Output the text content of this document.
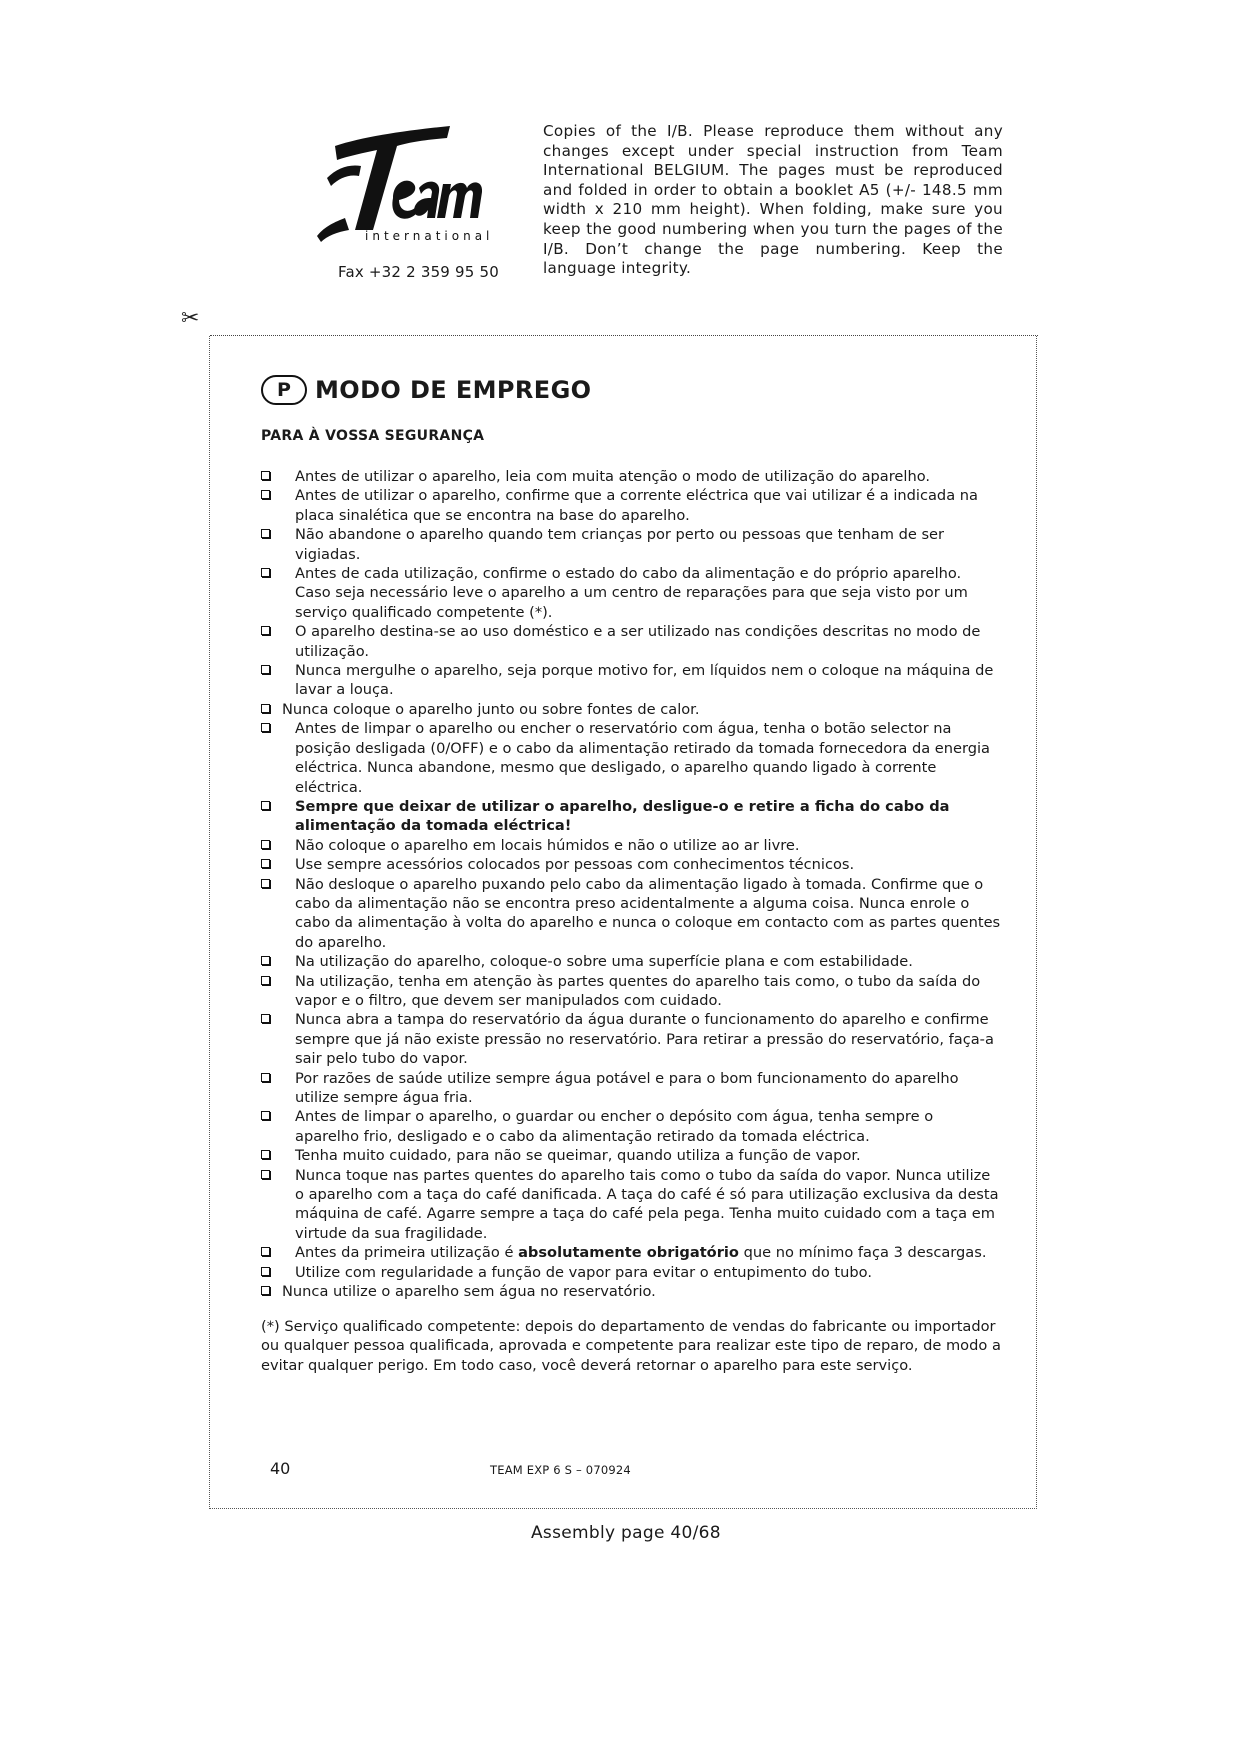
international
Fax +32 2 359 95 50
Copies of the I/B. Please reproduce them without any changes except under special instruction from Team International BELGIUM. The pages must be reproduced and folded in order to obtain a booklet A5 (+/- 148.5 mm width x 210 mm height). When folding, make sure you keep the good numbering when you turn the pages of the I/B. Don’t change the page numbering. Keep the language integrity.
✂
P	MODO DE EMPREGO
PARA À VOSSA SEGURANÇA
Antes de utilizar o aparelho, leia com muita atenção o modo de utilização do aparelho.
Antes de utilizar o aparelho, confirme que a corrente eléctrica que vai utilizar é a indicada na placa sinalética que se encontra na base do aparelho.
Não abandone o aparelho quando tem crianças por perto ou pessoas que tenham de ser vigiadas.
Antes de cada utilização, confirme o estado do cabo da alimentação e do próprio aparelho. Caso seja necessário leve o aparelho a um centro de reparações para que seja visto por um serviço qualificado competente (*).
O aparelho destina-se ao uso doméstico e a ser utilizado nas condições descritas no modo de utilização.
Nunca mergulhe o aparelho, seja porque motivo for, em líquidos nem o coloque na máquina de lavar a louça.
Nunca coloque o aparelho junto ou sobre fontes de calor.
Antes de limpar o aparelho ou encher o reservatório com água, tenha o botão selector na posição desligada (0/OFF) e o cabo da alimentação retirado da tomada fornecedora da energia eléctrica. Nunca abandone, mesmo que desligado, o aparelho quando ligado à corrente eléctrica.
Sempre que deixar de utilizar o aparelho, desligue-o e retire a ficha do cabo da alimentação da tomada eléctrica!
Não coloque o aparelho em locais húmidos e não o utilize ao ar livre.
Use sempre acessórios colocados por pessoas com conhecimentos técnicos.
Não desloque o aparelho puxando pelo cabo da alimentação ligado à tomada. Confirme que o cabo da alimentação não se encontra preso acidentalmente a alguma coisa. Nunca enrole o cabo da alimentação à volta do aparelho e nunca o coloque em contacto com as partes quentes do aparelho.
Na utilização do aparelho, coloque-o sobre uma superfície plana e com estabilidade.
Na utilização, tenha em atenção às partes quentes do aparelho tais como, o tubo da saída do vapor e o filtro, que devem ser manipulados com cuidado.
Nunca abra a tampa do reservatório da água durante o funcionamento do aparelho e confirme sempre que já não existe pressão no reservatório. Para retirar a pressão do reservatório, faça-a sair pelo tubo do vapor.
Por razões de saúde utilize sempre água potável e para o bom funcionamento do aparelho utilize sempre água fria.
Antes de limpar o aparelho, o guardar ou encher o depósito com água, tenha sempre o aparelho frio, desligado e o cabo da alimentação retirado da tomada eléctrica.
Tenha muito cuidado, para não se queimar, quando utiliza a função de vapor.
Nunca toque nas partes quentes do aparelho tais como o tubo da saída do vapor. Nunca utilize o aparelho com a taça do café danificada. A taça do café é só para utilização exclusiva da desta máquina de café. Agarre sempre a taça do café pela pega. Tenha muito cuidado com a taça em virtude da sua fragilidade.
Antes da primeira utilização é absolutamente obrigatório que no mínimo faça 3 descargas.
Utilize com regularidade a função de vapor para evitar o entupimento do tubo.
Nunca utilize o aparelho sem água no reservatório.
(*) Serviço qualificado competente: depois do departamento de vendas do fabricante ou importador ou qualquer pessoa qualificada, aprovada e competente para realizar este tipo de reparo, de modo a evitar qualquer perigo. Em todo caso, você deverá retornar o aparelho para este serviço.
40	TEAM EXP 6 S – 070924
Assembly page 40/68
